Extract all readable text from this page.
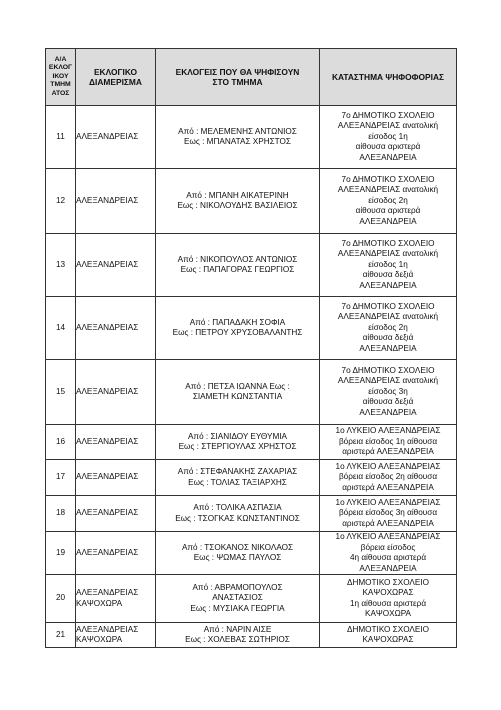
Α/Α
ΕΚΛΟΓ
ΙΚΟΥ
ΤΜΗΜ
ΑΤΟΣ	ΕΚΛΟΓΙΚΟ
ΔΙΑΜΕΡΙΣΜΑ	ΕΚΛΟΓΕΙΣ ΠΟΥ ΘΑ ΨΗΦΙΣΟΥΝ
ΣΤΟ ΤΜΗΜΑ	ΚΑΤΑΣΤΗΜΑ ΨΗΦΟΦΟΡΙΑΣ

11	ΑΛΕΞΑΝΔΡΕΙΑΣ	Από : ΜΕΛΕΜΕΝΗΣ ΑΝΤΩΝΙΟΣ
Εως : ΜΠΑΝΑΤΑΣ ΧΡΗΣΤΟΣ	7ο ΔΗΜΟΤΙΚΟ ΣΧΟΛΕΙΟ
ΑΛΕΞΑΝΔΡΕΙΑΣ ανατολική
είσοδος 1η
αίθουσα αριστερά
ΑΛΕΞΑΝΔΡΕΙΑ

12	ΑΛΕΞΑΝΔΡΕΙΑΣ	Από : ΜΠΑΝΗ ΑΙΚΑΤΕΡΙΝΗ
Εως : ΝΙΚΟΛΟΥΔΗΣ ΒΑΣΙΛΕΙΟΣ	7ο ΔΗΜΟΤΙΚΟ ΣΧΟΛΕΙΟ
ΑΛΕΞΑΝΔΡΕΙΑΣ ανατολική
είσοδος 2η
αίθουσα αριστερά
ΑΛΕΞΑΝΔΡΕΙΑ

13	ΑΛΕΞΑΝΔΡΕΙΑΣ	Από : ΝΙΚΟΠΟΥΛΟΣ ΑΝΤΩΝΙΟΣ
Εως : ΠΑΠΑΓΟΡΑΣ ΓΕΩΡΓΙΟΣ	7ο ΔΗΜΟΤΙΚΟ ΣΧΟΛΕΙΟ
ΑΛΕΞΑΝΔΡΕΙΑΣ ανατολική
είσοδος 1η
αίθουσα δεξιά
ΑΛΕΞΑΝΔΡΕΙΑ

14	ΑΛΕΞΑΝΔΡΕΙΑΣ	Από : ΠΑΠΑΔΑΚΗ ΣΟΦΙΑ
Εως : ΠΕΤΡΟΥ ΧΡΥΣΟΒΑΛΑΝΤΗΣ	7ο ΔΗΜΟΤΙΚΟ ΣΧΟΛΕΙΟ
ΑΛΕΞΑΝΔΡΕΙΑΣ ανατολική
είσοδος 2η
αίθουσα δεξιά
ΑΛΕΞΑΝΔΡΕΙΑ

15	ΑΛΕΞΑΝΔΡΕΙΑΣ	Από : ΠΕΤΣΑ ΙΩΑΝΝΑ Εως :
ΣΙΑΜΕΤΗ ΚΩΝΣΤΑΝΤΙΑ	7ο ΔΗΜΟΤΙΚΟ ΣΧΟΛΕΙΟ
ΑΛΕΞΑΝΔΡΕΙΑΣ ανατολική
είσοδος 3η
αίθουσα δεξιά
ΑΛΕΞΑΝΔΡΕΙΑ

16	ΑΛΕΞΑΝΔΡΕΙΑΣ	Από : ΣΙΑΝΙΔΟΥ ΕΥΘΥΜΙΑ
Εως : ΣΤΕΡΓΙΟΥΛΑΣ ΧΡΗΣΤΟΣ	1ο ΛΥΚΕΙΟ ΑΛΕΞΑΝΔΡΕΙΑΣ
βόρεια είσοδος 1η αίθουσα
αριστερά ΑΛΕΞΑΝΔΡΕΙΑ

17	ΑΛΕΞΑΝΔΡΕΙΑΣ	Από : ΣΤΕΦΑΝΑΚΗΣ ΖΑΧΑΡΙΑΣ
Εως : ΤΟΛΙΑΣ ΤΑΞΙΑΡΧΗΣ	1ο ΛΥΚΕΙΟ ΑΛΕΞΑΝΔΡΕΙΑΣ
βόρεια είσοδος 2η αίθουσα
αριστερά ΑΛΕΞΑΝΔΡΕΙΑ

18	ΑΛΕΞΑΝΔΡΕΙΑΣ	Από : ΤΟΛΙΚΑ ΑΣΠΑΣΙΑ
Εως : ΤΣΟΓΚΑΣ ΚΩΝΣΤΑΝΤΙΝΟΣ	1ο ΛΥΚΕΙΟ ΑΛΕΞΑΝΔΡΕΙΑΣ
βόρεια είσοδος 3η αίθουσα
αριστερά ΑΛΕΞΑΝΔΡΕΙΑ

19	ΑΛΕΞΑΝΔΡΕΙΑΣ	Από : ΤΣΟΚΑΝΟΣ ΝΙΚΟΛΑΟΣ
Εως : ΨΩΜΑΣ ΠΑΥΛΟΣ	1ο ΛΥΚΕΙΟ ΑΛΕΞΑΝΔΡΕΙΑΣ
βόρεια είσοδος
4η αίθουσα αριστερά
ΑΛΕΞΑΝΔΡΕΙΑ

20	ΑΛΕΞΑΝΔΡΕΙΑΣ
ΚΑΨΟΧΩΡΑ	Από : ΑΒΡΑΜΟΠΟΥΛΟΣ
ΑΝΑΣΤΑΣΙΟΣ
Εως : ΜΥΣΙΑΚΑ ΓΕΩΡΓΙΑ	ΔΗΜΟΤΙΚΟ ΣΧΟΛΕΙΟ
ΚΑΨΟΧΩΡΑΣ
1η αίθουσα αριστερά
ΚΑΨΟΧΩΡΑ

21	ΑΛΕΞΑΝΔΡΕΙΑΣ
ΚΑΨΟΧΩΡΑ	Από : ΝΑΡΙΝ ΑΙΣΕ
Εως : ΧΟΛΕΒΑΣ ΣΩΤΗΡΙΟΣ	ΔΗΜΟΤΙΚΟ ΣΧΟΛΕΙΟ
ΚΑΨΟΧΩΡΑΣ
